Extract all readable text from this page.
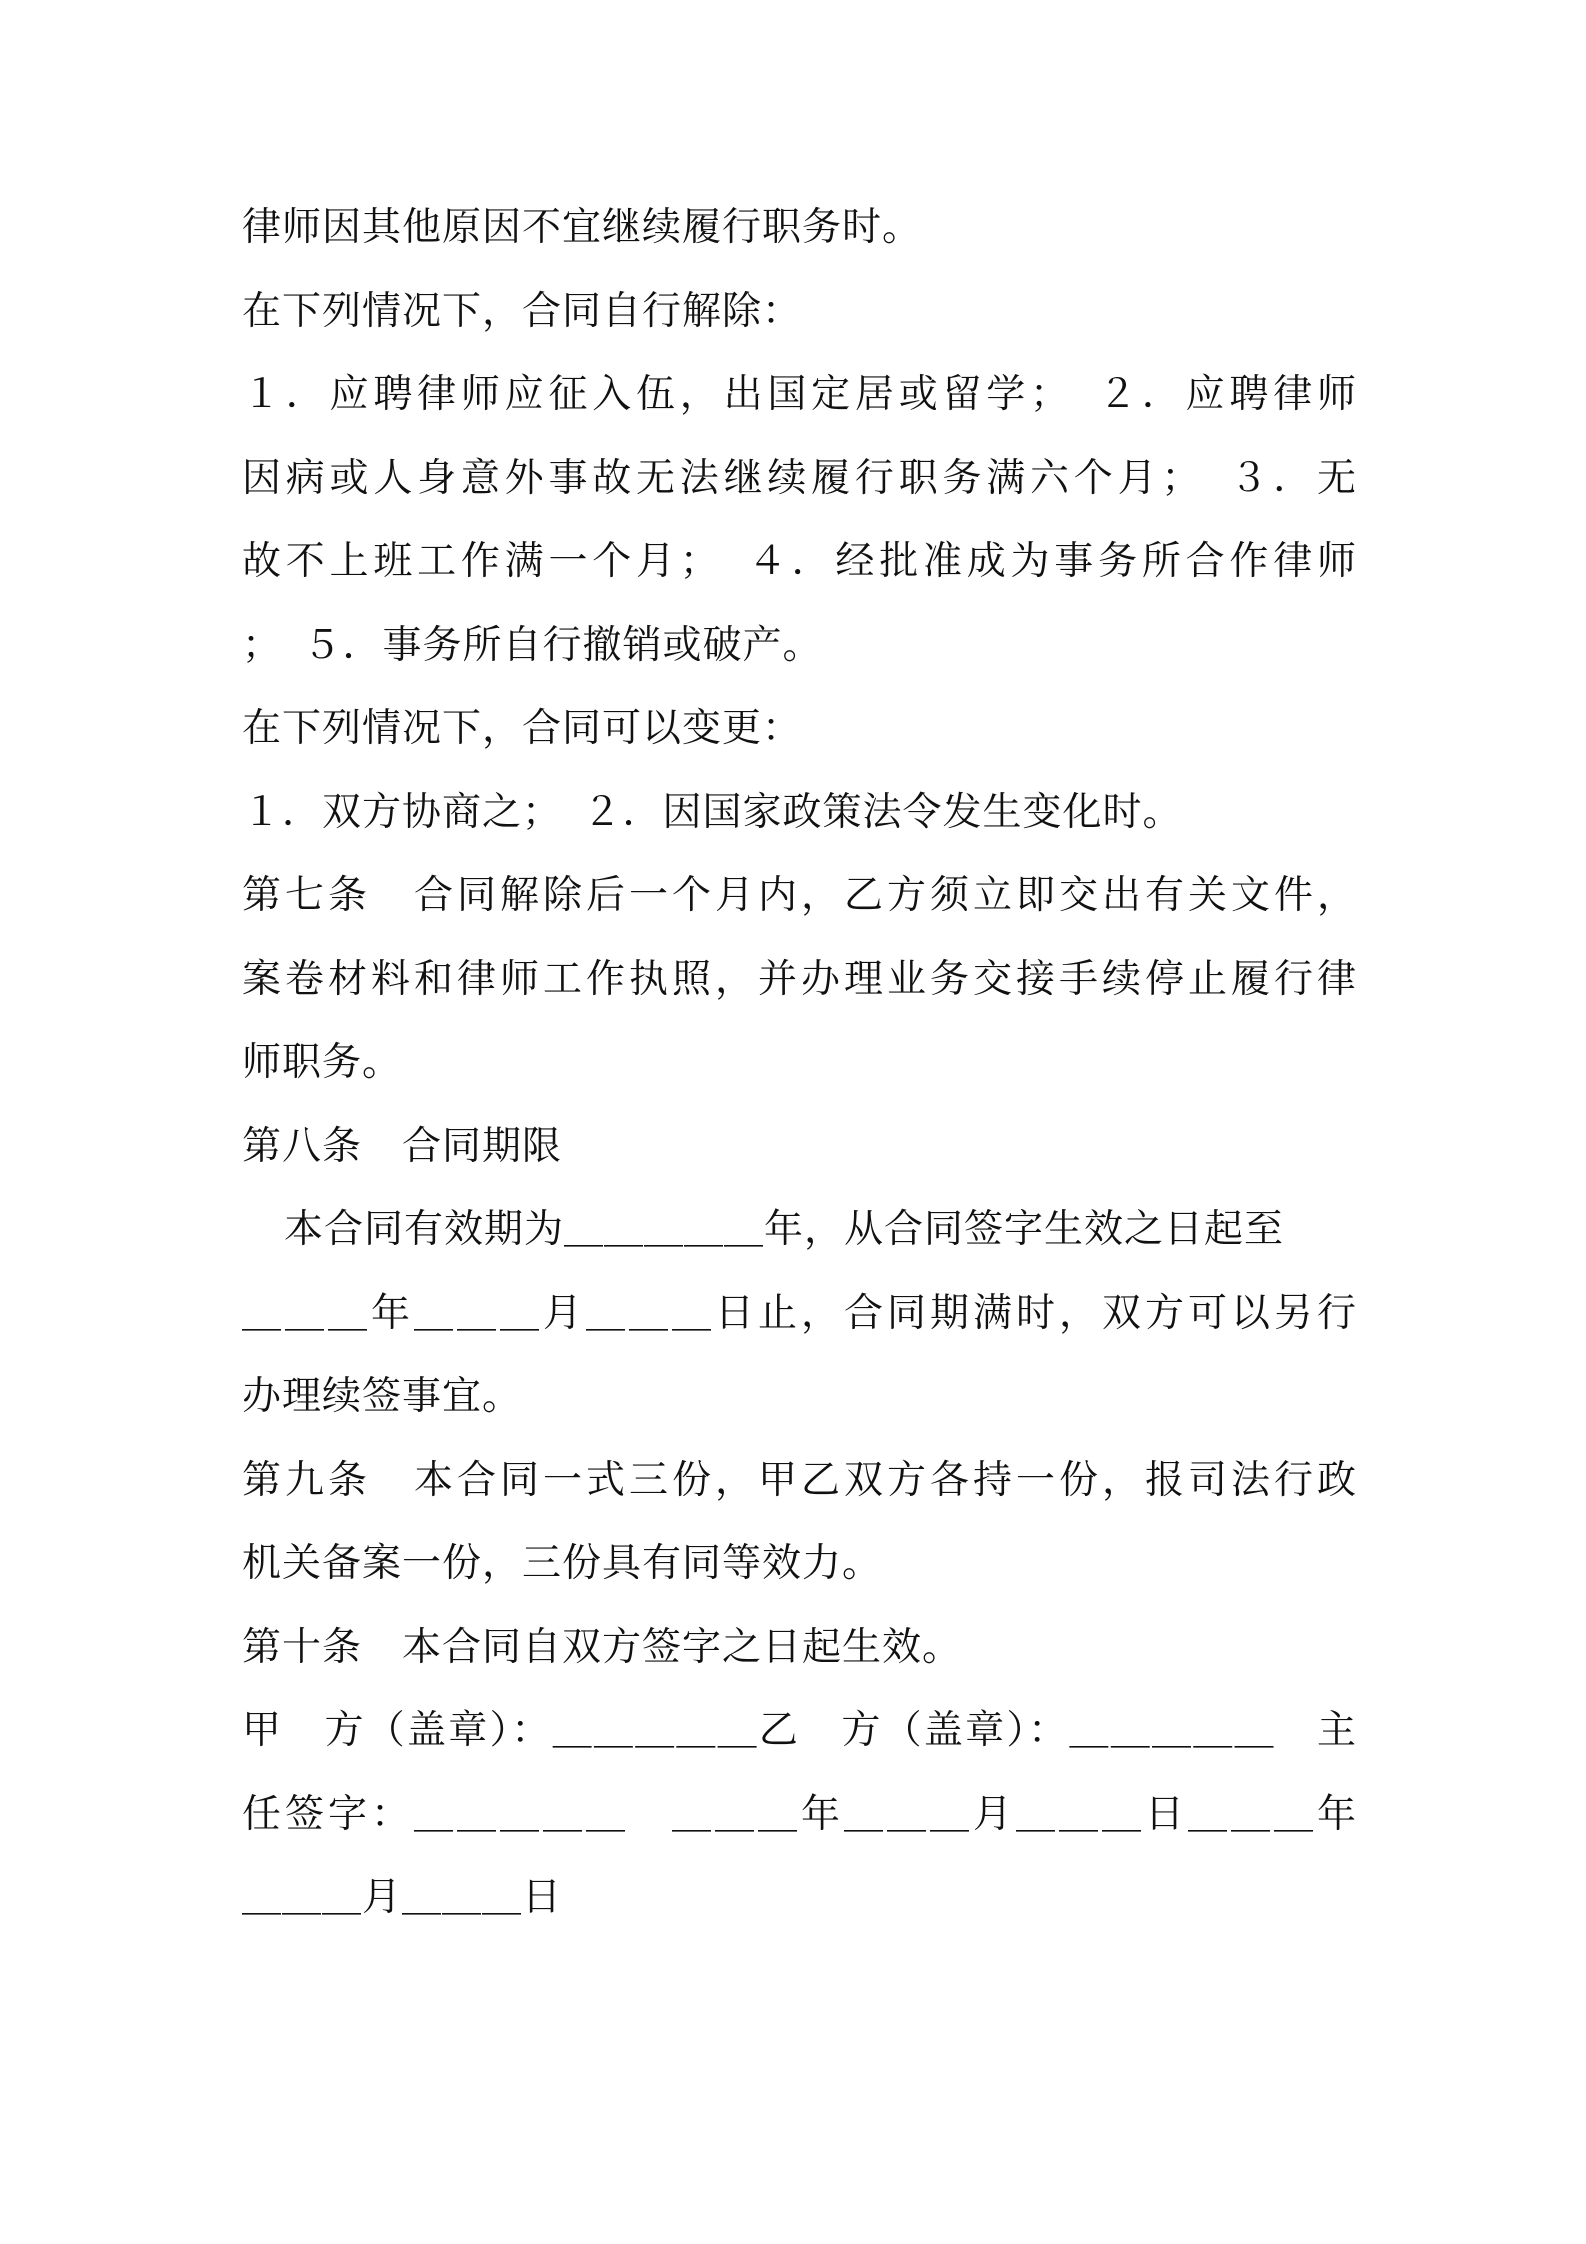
律师因其他原因不宜继续履行职务时。
在下列情况下，合同自行解除：
１．应聘律师应征入伍，出国定居或留学；　２．应聘律师
因病或人身意外事故无法继续履行职务满六个月；　３．无
故不上班工作满一个月；　４．经批准成为事务所合作律师
；　５．事务所自行撤销或破产。
在下列情况下，合同可以变更：
１．双方协商之；　２．因国家政策法令发生变化时。
第七条　合同解除后一个月内，乙方须立即交出有关文件，
案卷材料和律师工作执照，并办理业务交接手续停止履行律
师职务。
第八条　合同期限
本合同有效期为＿＿＿＿＿年，从合同签字生效之日起至
＿＿＿年＿＿＿月＿＿＿日止，合同期满时，双方可以另行
办理续签事宜。
第九条　本合同一式三份，甲乙双方各持一份，报司法行政
机关备案一份，三份具有同等效力。
第十条　本合同自双方签字之日起生效。
甲　方（盖章）：＿＿＿＿＿乙　方（盖章）：＿＿＿＿＿　主
任签字：＿＿＿＿＿　＿＿＿年＿＿＿月＿＿＿日＿＿＿年
＿＿＿月＿＿＿日
